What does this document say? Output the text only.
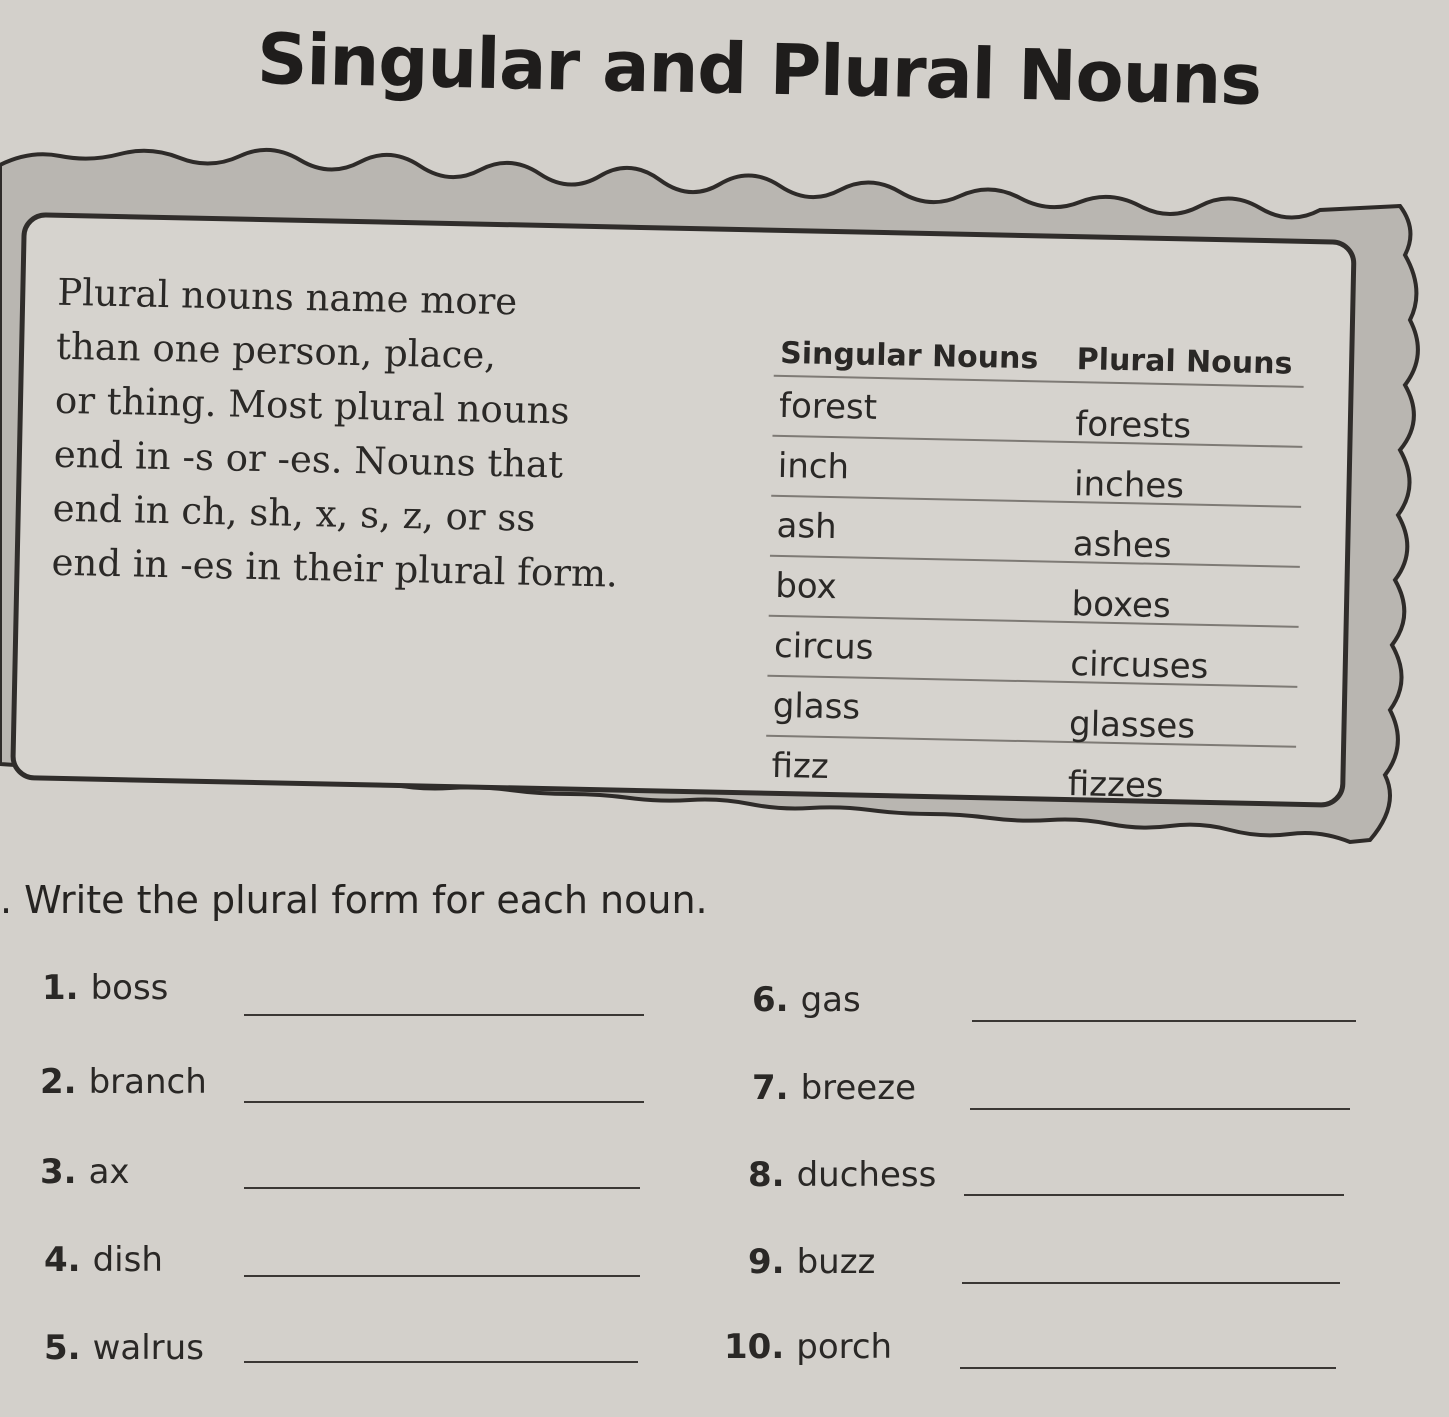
Singular and Plural Nouns

Plural nouns name more

than one person, place,

or thing. Most plural nouns

end in -s or -es. Nouns that

end in ch, sh, x, s, z, or ss

end in -es in their plural form.

Singular Nouns	Plural Nouns
forest	forests
inch	inches
ash	ashes
box	boxes
circus	circuses
glass	glasses
fizz	fizzes
. Write the plural form for each noun.
1. boss
2. branch
3. ax
4. dish
5. walrus
6. gas
7. breeze
8. duchess
9. buzz
10. porch
